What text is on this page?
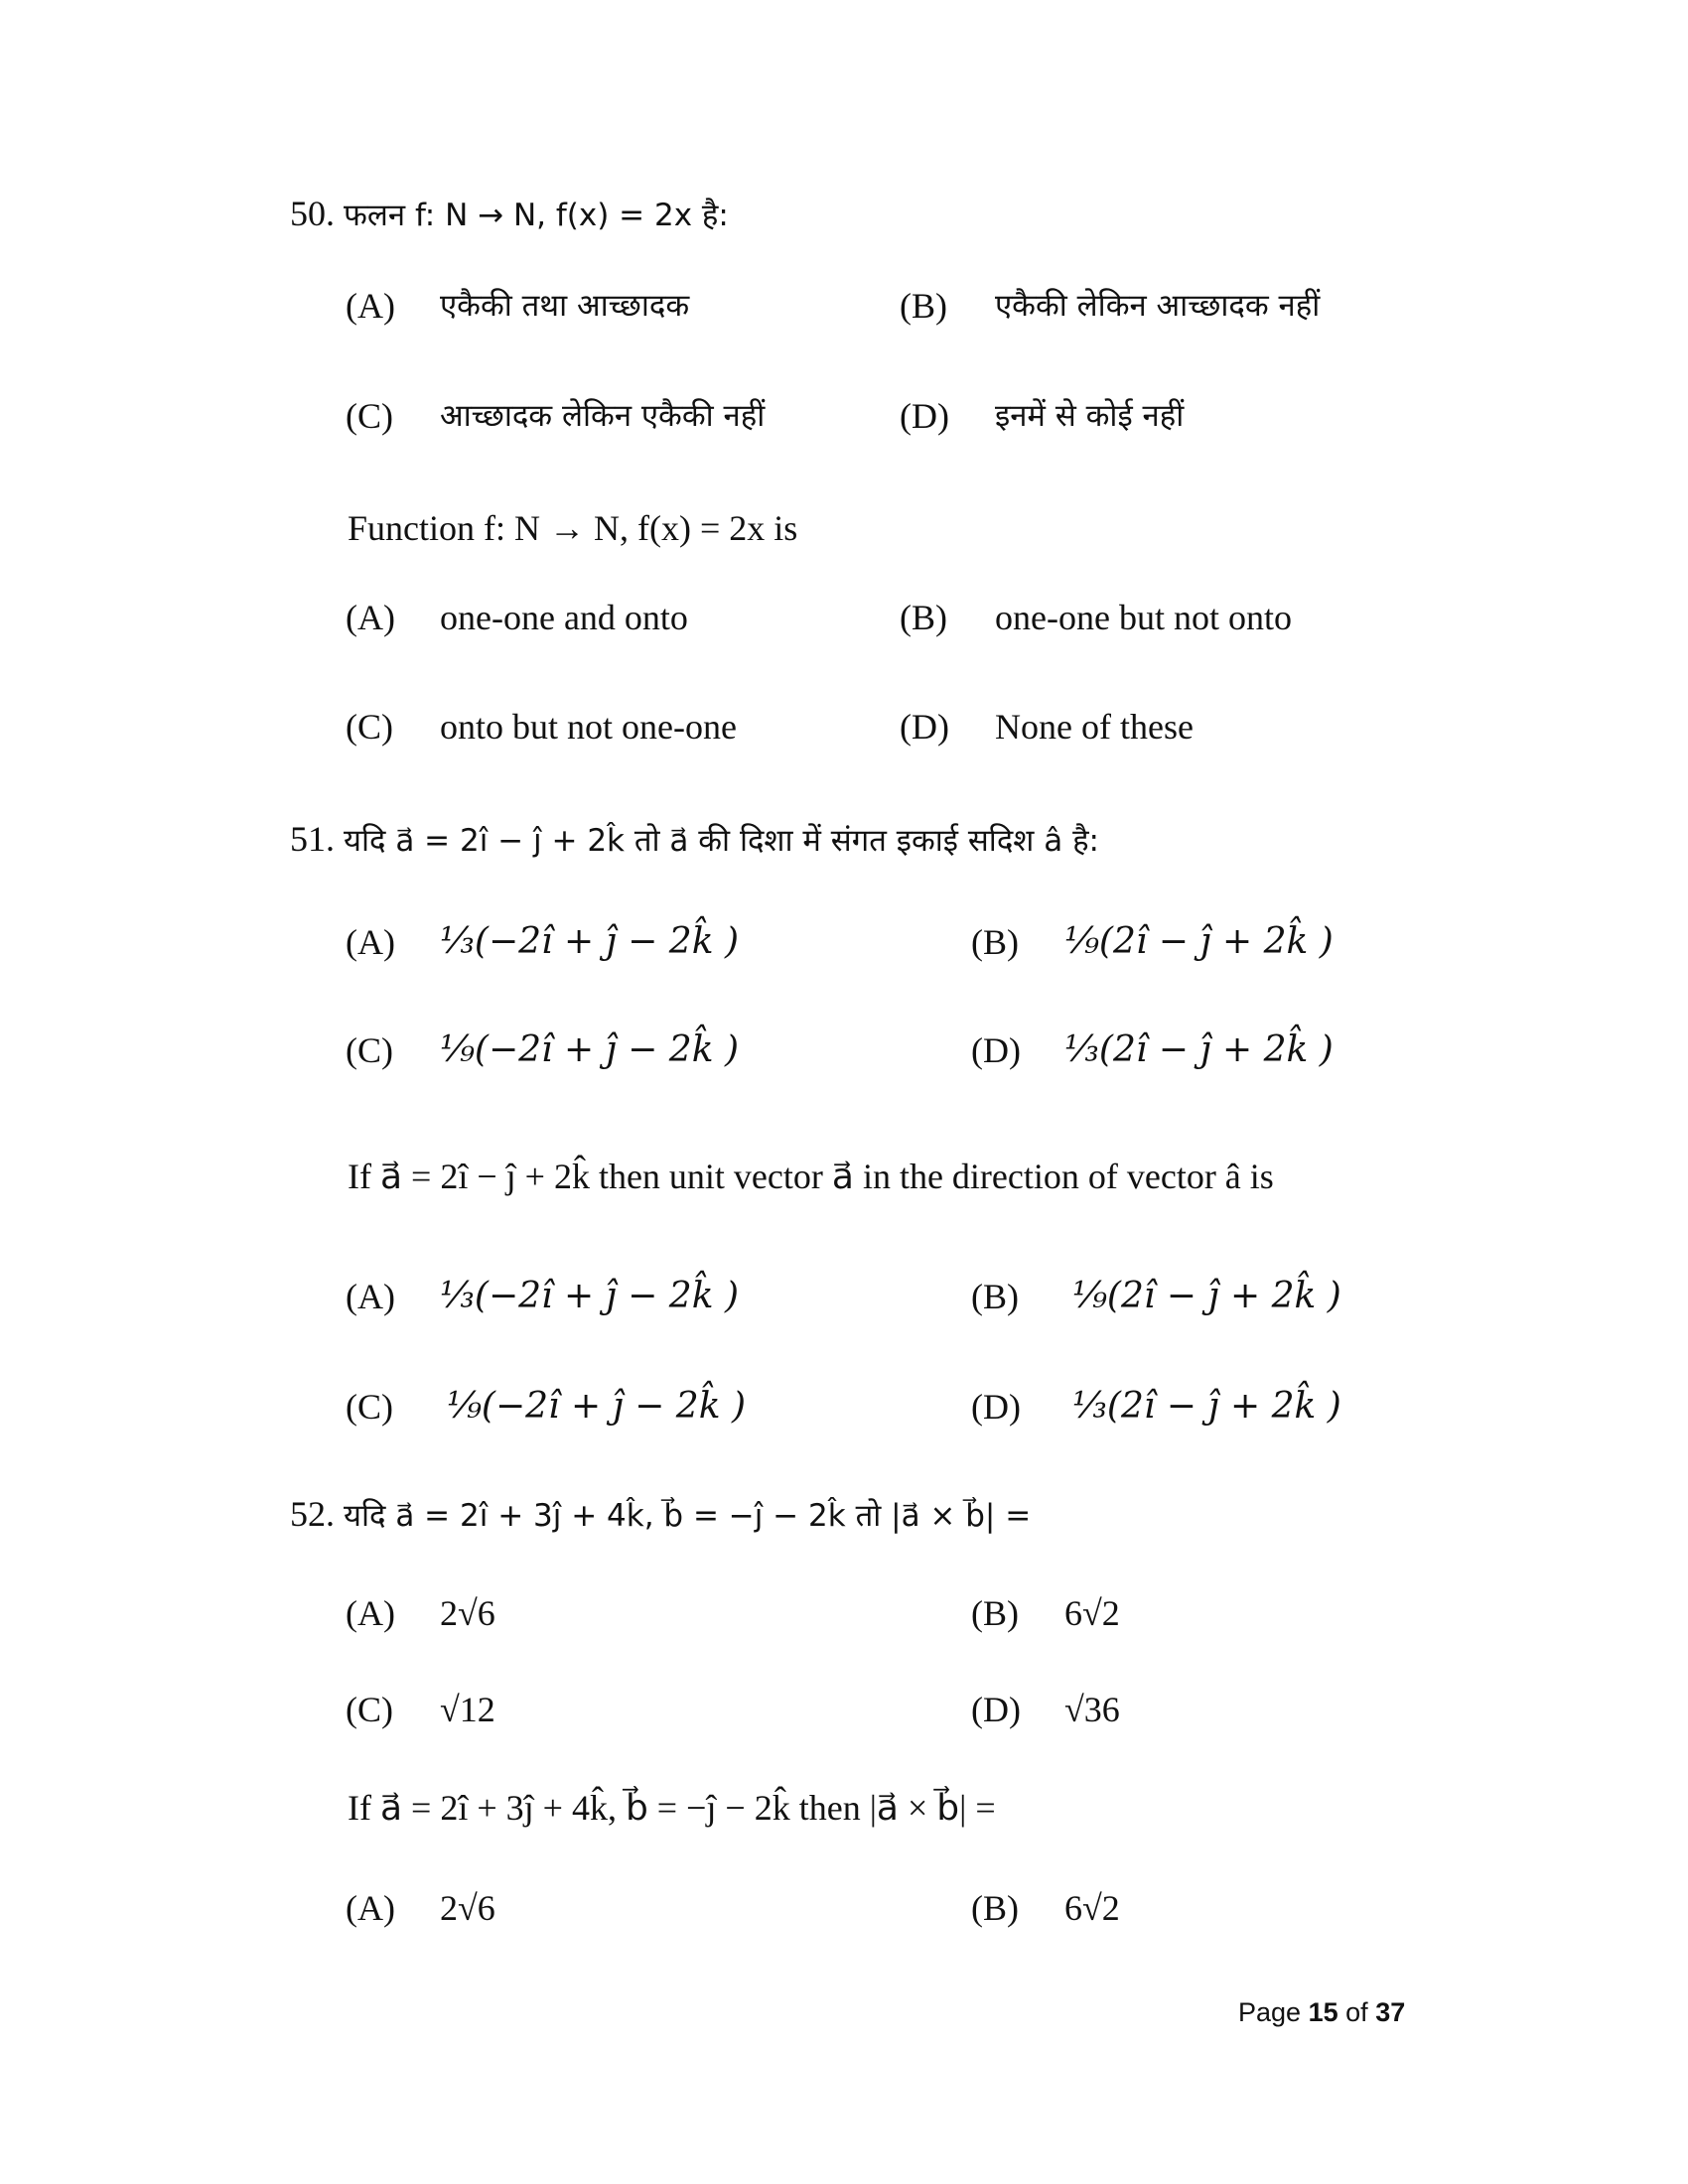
50. फलन f: N → N, f(x) = 2x है:
(A) एकैकी तथा आच्छादक	(B) एकैकी लेकिन आच्छादक नहीं
(C) आच्छादक लेकिन एकैकी नहीं	(D) इनमें से कोई नहीं
Function f: N → N, f(x) = 2x is
(A) one-one and onto	(B) one-one but not onto
(C) onto but not one-one	(D) None of these
51. यदि a⃗ = 2î − ĵ + 2k̂ तो a⃗ की दिशा में संगत इकाई सदिश â है:
(A) ⅓(−2î + ĵ − 2k̂ )	(B) ⅑(2î − ĵ + 2k̂ )
(C) ⅑(−2î + ĵ − 2k̂ )	(D) ⅓(2î − ĵ + 2k̂ )
If a⃗ = 2î − ĵ + 2k̂ then unit vector a⃗ in the direction of vector â is
(A) ⅓(−2î + ĵ − 2k̂ )	(B) ⅑(2î − ĵ + 2k̂ )
(C) ⅑(−2î + ĵ − 2k̂ )	(D) ⅓(2î − ĵ + 2k̂ )
52. यदि a⃗ = 2î + 3ĵ + 4k̂, b⃗ = −ĵ − 2k̂ तो |a⃗ × b⃗| =
(A) 2√6	(B) 6√2
(C) √12	(D) √36
If a⃗ = 2î + 3ĵ + 4k̂, b⃗ = −ĵ − 2k̂ then |a⃗ × b⃗| =
(A) 2√6	(B) 6√2
Page 15 of 37
